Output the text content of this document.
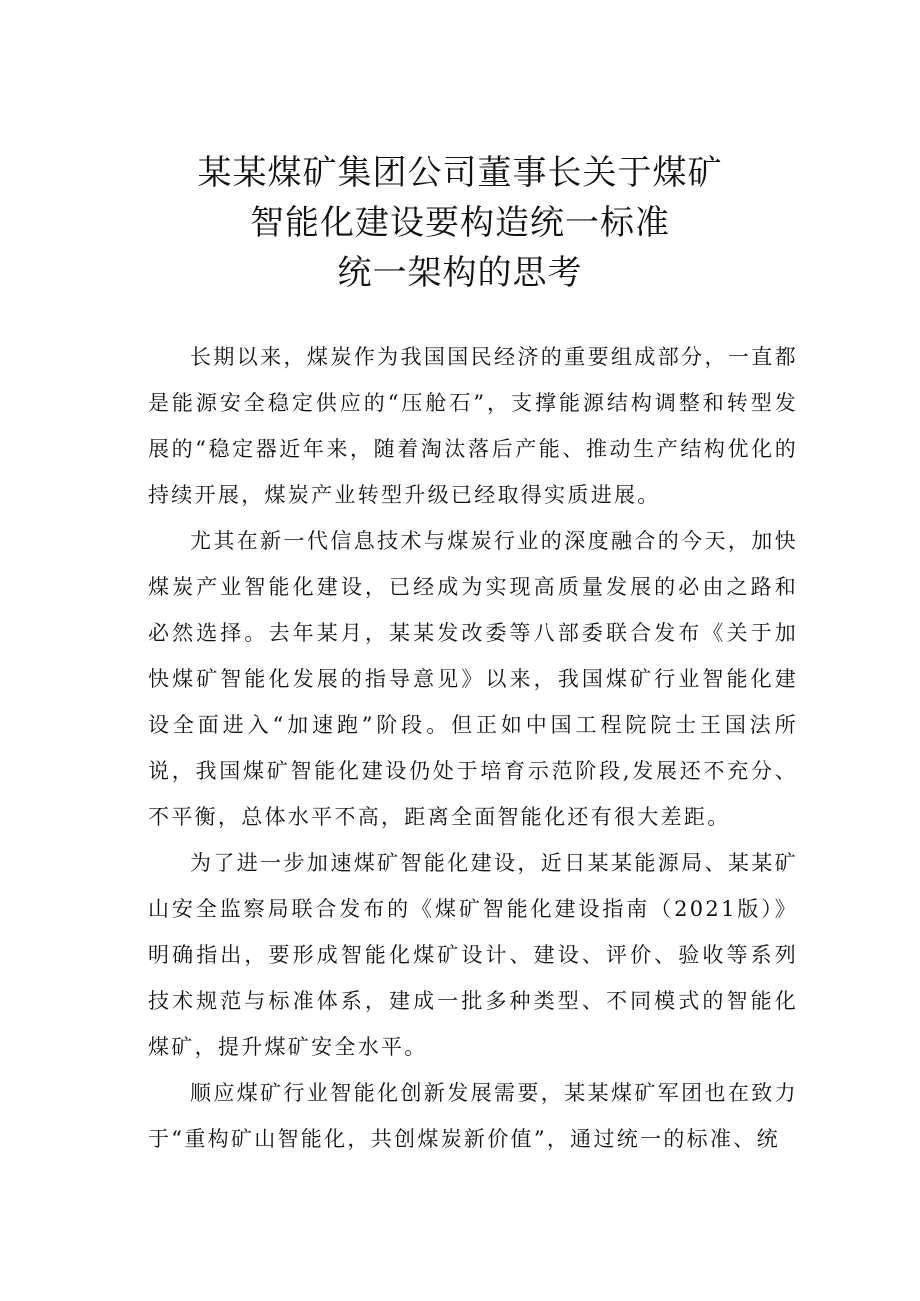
某某煤矿集团公司董事长关于煤矿
智能化建设要构造统一标准
统一架构的思考

长期以来，煤炭作为我国国民经济的重要组成部分，一直都是能源安全稳定供应的“压舱石”，支撑能源结构调整和转型发展的“稳定器近年来，随着淘汰落后产能、推动生产结构优化的持续开展，煤炭产业转型升级已经取得实质进展。

尤其在新一代信息技术与煤炭行业的深度融合的今天，加快煤炭产业智能化建设，已经成为实现高质量发展的必由之路和必然选择。去年某月，某某发改委等八部委联合发布《关于加快煤矿智能化发展的指导意见》以来，我国煤矿行业智能化建设全面进入“加速跑”阶段。但正如中国工程院院士王国法所说，我国煤矿智能化建设仍处于培育示范阶段,发展还不充分、不平衡，总体水平不高，距离全面智能化还有很大差距。

为了进一步加速煤矿智能化建设，近日某某能源局、某某矿山安全监察局联合发布的《煤矿智能化建设指南（2021版）》明确指出，要形成智能化煤矿设计、建设、评价、验收等系列技术规范与标准体系，建成一批多种类型、不同模式的智能化煤矿，提升煤矿安全水平。

顺应煤矿行业智能化创新发展需要，某某煤矿军团也在致力于“重构矿山智能化，共创煤炭新价值”，通过统一的标准、统
